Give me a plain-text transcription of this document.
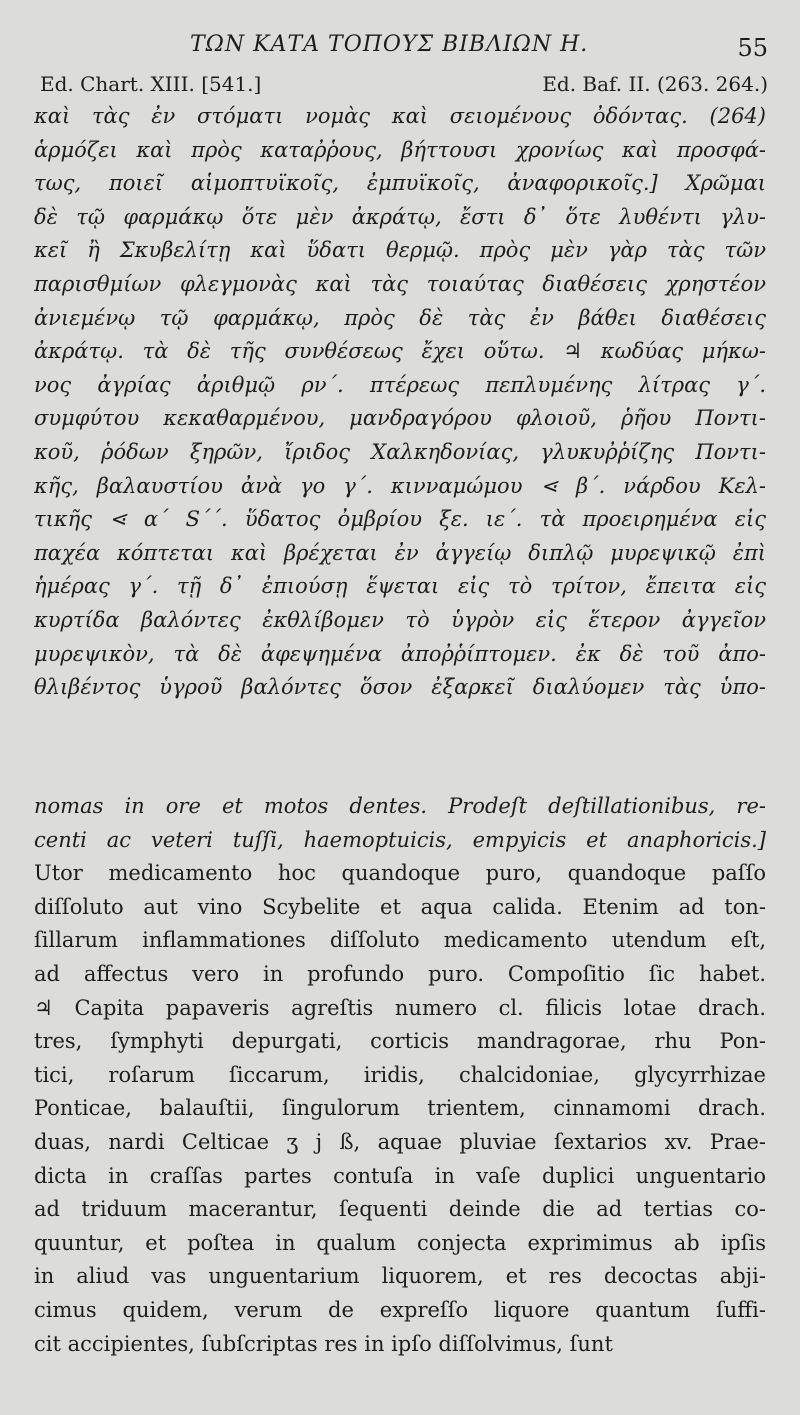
ΤΩΝ ΚΑΤΑ ΤΟΠΟΥΣ ΒΙΒΛΙΩΝ Η.	55
Ed. Chart. XIII. [541.]	Ed. Baf. II. (263. 264.)
καὶ τὰς ἐν στόματι νομὰς καὶ σειομένους ὀδόντας. (264)
ἁρμόζει καὶ πρὸς καταῤῥους, βήττουσι χρονίως καὶ προσφά-
τως, ποιεῖ αἱμοπτυϊκοῖς, ἐμπυϊκοῖς, ἀναφορικοῖς.] Χρῶμαι
δὲ τῷ φαρμάκῳ ὅτε μὲν ἀκράτῳ, ἔστι δ᾽ ὅτε λυθέντι γλυ-
κεῖ ἢ Σκυβελίτῃ καὶ ὕδατι θερμῷ. πρὸς μὲν γὰρ τὰς τῶν
παρισθμίων φλεγμονὰς καὶ τὰς τοιαύτας διαθέσεις χρηστέον
ἀνιεμένῳ τῷ φαρμάκῳ, πρὸς δὲ τὰς ἐν βάθει διαθέσεις
ἀκράτῳ. τὰ δὲ τῆς συνθέσεως ἔχει οὕτω. ♃ κωδύας μήκω-
νος ἀγρίας ἀριθμῷ ρν΄. πτέρεως πεπλυμένης λίτρας γ΄.
συμφύτου κεκαθαρμένου, μανδραγόρου φλοιοῦ, ῥῆου Ποντι-
κοῦ, ῥόδων ξηρῶν, ἴριδος Χαλκηδονίας, γλυκυῤῥίζης Ποντι-
κῆς, βαλαυστίου ἀνὰ γο γ΄. κινναμώμου ⋖ β΄. νάρδου Κελ-
τικῆς ⋖ α΄ S΄΄. ὕδατος ὀμβρίου ξε. ιε΄. τὰ προειρημένα εἰς
παχέα κόπτεται καὶ βρέχεται ἐν ἀγγείῳ διπλῷ μυρεψικῷ ἐπὶ
ἡμέρας γ΄. τῇ δ᾽ ἐπιούσῃ ἕψεται εἰς τὸ τρίτον, ἔπειτα εἰς
κυρτίδα βαλόντες ἐκθλίβομεν τὸ ὑγρὸν εἰς ἕτερον ἀγγεῖον
μυρεψικὸν, τὰ δὲ ἀφεψημένα ἀποῤῥίπτομεν. ἐκ δὲ τοῦ ἀπο-
θλιβέντος ὑγροῦ βαλόντες ὅσον ἐξαρκεῖ διαλύομεν τὰς ὑπο-
nomas in ore et motos dentes. Prodeſt deſtillationibus, re-
centi ac veteri tuſſi, haemoptuicis, empyicis et anaphoricis.]
Utor medicamento hoc quandoque puro, quandoque paſſo
diſſoluto aut vino Scybelite et aqua calida. Etenim ad ton-
ſillarum inflammationes diſſoluto medicamento utendum eſt,
ad affectus vero in profundo puro. Compoſitio ſic habet.
♃ Capita papaveris agreſtis numero cl. filicis lotae drach.
tres, ſymphyti depurgati, corticis mandragorae, rhu Pon-
tici, roſarum ſiccarum, iridis, chalcidoniae, glycyrrhizae
Ponticae, balauſtii, ſingulorum trientem, cinnamomi drach.
duas, nardi Celticae ʒ j ß, aquae pluviae ſextarios xv. Prae-
dicta in craſſas partes contuſa in vaſe duplici unguentario
ad triduum macerantur, ſequenti deinde die ad tertias co-
quuntur, et poſtea in qualum conjecta exprimimus ab ipſis
in aliud vas unguentarium liquorem, et res decoctas abji-
cimus quidem, verum de expreſſo liquore quantum ſuffi-
cit accipientes, ſubſcriptas res in ipſo diſſolvimus, ſunt
